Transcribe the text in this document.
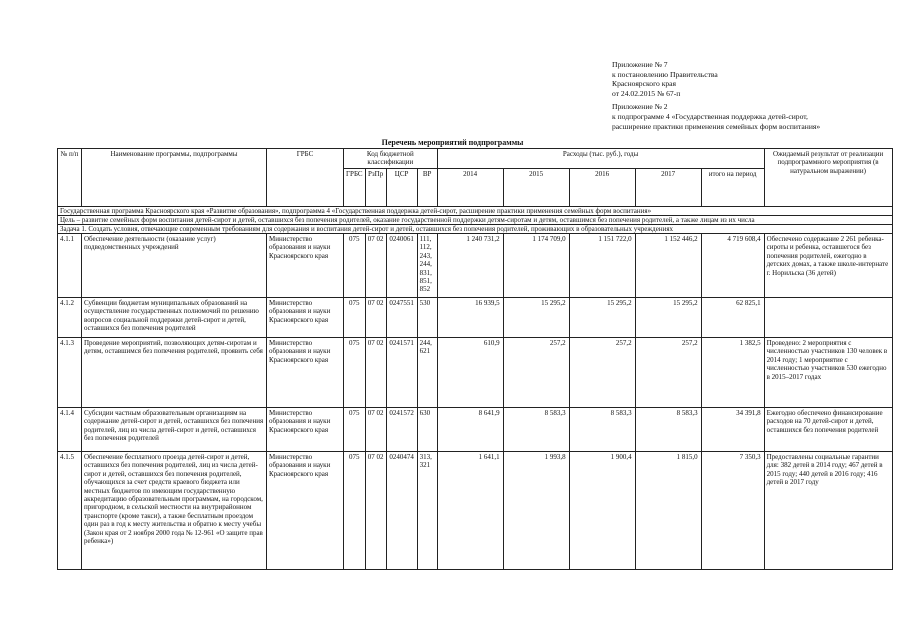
Приложение № 7
к постановлению Правительства
Красноярского края
от 24.02.2015 № 67-п
Приложение № 2
к подпрограмме 4 «Государственная поддержка детей-сирот,
расширение практики применения семейных форм воспитания»
Перечень мероприятий подпрограммы
№ п/п	Наименование программы, подпрограммы	ГРБС	Код бюджетной классификации				Расходы (тыс. руб.), годы					Ожидаемый результат от реализации подпрограммного мероприятия (в натуральном выражении)
			ГРБС	РзПр	ЦСР	ВР	2014	2015	2016	2017	итого на период	
Государственная программа Красноярского края «Развитие образования», подпрограмма 4 «Государственная поддержка детей-сирот, расширение практики применения семейных форм воспитания»												
Цель – развитие семейных форм воспитания детей-сирот и детей, оставшихся без попечения родителей, оказание государственной поддержки детям-сиротам и детям, оставшимся без попечения родителей, а также лицам из их числа												
Задача 1. Создать условия, отвечающие современным требованиям для содержания и воспитания детей-сирот и детей, оставшихся без попечения родителей, проживающих в образовательных учреждениях												
4.1.1	Обеспечение деятельности (оказание услуг) подведомственных учреждений	Министерство образования и науки Красноярского края	075	07 02	0240061	111, 112, 243, 244, 831, 851, 852	1 240 731,2	1 174 709,0	1 151 722,0	1 152 446,2	4 719 608,4	Обеспечено содержание 2 261 ребенка-сироты и ребенка, оставшегося без попечения родителей, ежегодно в детских домах, а также школе-интернате г. Норильска (36 детей)
4.1.2	Субвенции бюджетам муниципальных образований на осуществление государственных полномочий по решению вопросов социальной поддержки детей-сирот и детей, оставшихся без попечения родителей	Министерство образования и науки Красноярского края	075	07 02	0247551	530	16 939,5	15 295,2	15 295,2	15 295,2	62 825,1	
4.1.3	Проведение мероприятий, позволяющих детям-сиротам и детям, оставшимся без попечения родителей, проявить себя	Министерство образования и науки Красноярского края	075	07 02	0241571	244, 621	610,9	257,2	257,2	257,2	1 382,5	Проведено: 2 мероприятия с численностью участников 130 человек в 2014 году; 1 мероприятие с численностью участников 530 ежегодно в 2015–2017 годах
4.1.4	Субсидии частным образовательным организациям на содержание детей-сирот и детей, оставшихся без попечения родителей, лиц из числа детей-сирот и детей, оставшихся без попечения родителей	Министерство образования и науки Красноярского края	075	07 02	0241572	630	8 641,9	8 583,3	8 583,3	8 583,3	34 391,8	Ежегодно обеспечено финансирование расходов на 70 детей-сирот и детей, оставшихся без попечения родителей
4.1.5	Обеспечение бесплатного проезда детей-сирот и детей, оставшихся без попечения родителей, лиц из числа детей-сирот и детей, оставшихся без попечения родителей, обучающихся за счет средств краевого бюджета или местных бюджетов по имеющим государственную аккредитацию образовательным программам, на городском, пригородном, в сельской местности на внутрирайонном транспорте (кроме такси), а также бесплатным проездом один раз в год к месту жительства и обратно к месту учебы (Закон края от 2 ноября 2000 года № 12-961 «О защите прав ребенка»)	Министерство образования и науки Красноярского края	075	07 02	0240474	313, 321	1 641,1	1 993,8	1 900,4	1 815,0	7 350,3	Предоставлены социальные гарантии для: 382 детей в 2014 году; 467 детей в 2015 году; 440 детей в 2016 году; 416 детей в 2017 году
